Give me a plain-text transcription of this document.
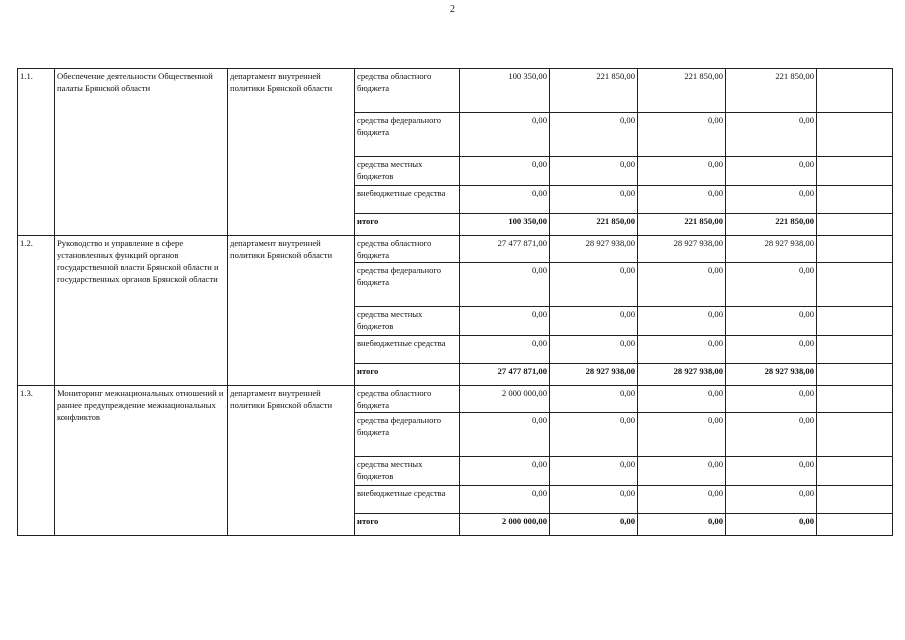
2
1.1.	Обеспечение деятельности Общественной палаты Брянской области	департамент внутренней политики Брянской области	средства областного бюджета	100 350,00	221 850,00	221 850,00	221 850,00	
			средства федерального бюджета	0,00	0,00	0,00	0,00	
			средства местных бюджетов	0,00	0,00	0,00	0,00	
			внебюджетные средства	0,00	0,00	0,00	0,00	
			итого	100 350,00	221 850,00	221 850,00	221 850,00	
1.2.	Руководство и управление в сфере установленных функций органов государственной власти Брянской области и государственных органов Брянской области	департамент внутренней политики Брянской области	средства областного бюджета	27 477 871,00	28 927 938,00	28 927 938,00	28 927 938,00	
			средства федерального бюджета	0,00	0,00	0,00	0,00	
			средства местных бюджетов	0,00	0,00	0,00	0,00	
			внебюджетные средства	0,00	0,00	0,00	0,00	
			итого	27 477 871,00	28 927 938,00	28 927 938,00	28 927 938,00	
1.3.	Мониторинг межнациональных отношений и раннее предупреждение межнациональных конфликтов	департамент внутренней политики Брянской области	средства областного бюджета	2 000 000,00	0,00	0,00	0,00	
			средства федерального бюджета	0,00	0,00	0,00	0,00	
			средства местных бюджетов	0,00	0,00	0,00	0,00	
			внебюджетные средства	0,00	0,00	0,00	0,00	
			итого	2 000 000,00	0,00	0,00	0,00	
